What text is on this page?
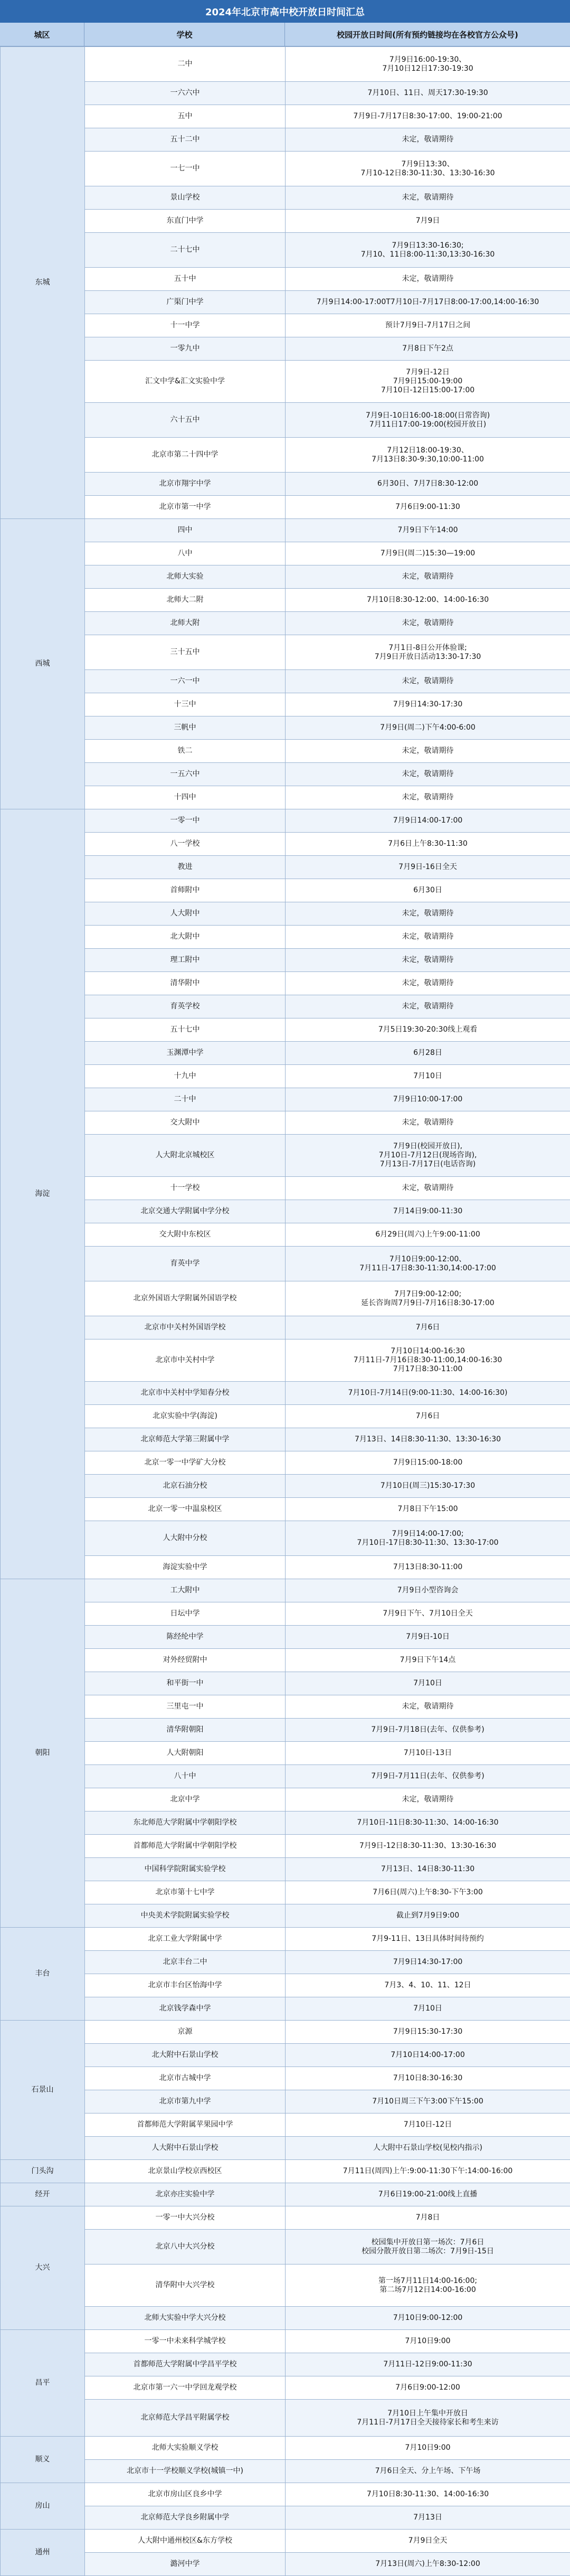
2024年北京市高中校开放日时间汇总
城区	学校	校园开放日时间(所有预约链接均在各校官方公众号)
东城	二中	7月9日16:00-19:30、
7月10日12日17:30-19:30
	一六六中	7月10日、11日、周天17:30-19:30
	五中	7月9日-7月17日8:30-17:00、19:00-21:00
	五十二中	未定，敬请期待
	一七一中	7月9日13:30、
7月10-12日8:30-11:30、13:30-16:30
	景山学校	未定，敬请期待
	东直门中学	7月9日
	二十七中	7月9日13:30-16:30;
7月10、11日8:00-11:30,13:30-16:30
	五十中	未定，敬请期待
	广渠门中学	7月9日14:00-17:00T7月10日-7月17日8:00-17:00,14:00-16:30
	十一中学	预计7月9日-7月17日之间
	一零九中	7月8日下午2点
	汇文中学&汇文实验中学	7月9日-12日
7月9日15:00-19:00
7月10日-12日15:00-17:00
	六十五中	7月9日-10日16:00-18:00(日常咨询)
7月11日17:00-19:00(校园开放日)
	北京市第二十四中学	7月12日18:00-19:30、
7月13日8:30-9:30,10:00-11:00
	北京市翔宇中学	6月30日、7月7日8:30-12:00
	北京市第一中学	7月6日9:00-11:30
西城	四中	7月9日下午14:00
	八中	7月9日(周二)15:30—19:00
	北师大实验	未定，敬请期待
	北师大二附	7月10日8:30-12:00、14:00-16:30
	北师大附	未定，敬请期待
	三十五中	7月1日-8日公开体验课;
7月9日开放日活动13:30-17:30
	一六一中	未定，敬请期待
	十三中	7月9日14:30-17:30
	三帆中	7月9日(周二)下午4:00-6:00
	铁二	未定，敬请期待
	一五六中	未定，敬请期待
	十四中	未定，敬请期待
海淀	一零一中	7月9日14:00-17:00
	八一学校	7月6日上午8:30-11:30
	教进	7月9日-16日全天
	首师附中	6月30日
	人大附中	未定，敬请期待
	北大附中	未定，敬请期待
	理工附中	未定，敬请期待
	清华附中	未定，敬请期待
	育英学校	未定，敬请期待
	五十七中	7月5日19:30-20:30线上观看
	玉渊潭中学	6月28日
	十九中	7月10日
	二十中	7月9日10:00-17:00
	交大附中	未定，敬请期待
	人大附北京城校区	7月9日(校园开放日),
7月10日-7月12日(现场咨询),
7月13日-7月17日(电话咨询)
	十一学校	未定，敬请期待
	北京交通大学附属中学分校	7月14日9:00-11:30
	交大附中东校区	6月29日(周六)上午9:00-11:00
	育英中学	7月10日9:00-12:00、
7月11日-17日8:30-11:30,14:00-17:00
	北京外国语大学附属外国语学校	7月7日9:00-12:00;
延长咨询周7月9日-7月16日8:30-17:00
	北京市中关村外国语学校	7月6日
	北京市中关村中学	7月10日14:00-16:30
7月11日-7月16日8:30-11:00,14:00-16:30
7月17日8:30-11:00
	北京市中关村中学知春分校	7月10日-7月14日(9:00-11:30、14:00-16:30)
	北京实验中学(海淀)	7月6日
	北京师范大学第三附属中学	7月13日、14日8:30-11:30、13:30-16:30
	北京一零一中学矿大分校	7月9日15:00-18:00
	北京石油分校	7月10日(周三)15:30-17:30
	北京一零一中温泉校区	7月8日下午15:00
	人大附中分校	7月9日14:00-17:00;
7月10日-17日8:30-11:30、13:30-17:00
	海淀实验中学	7月13日8:30-11:00
朝阳	工大附中	7月9日小型咨询会
	日坛中学	7月9日下午、7月10日全天
	陈经纶中学	7月9日-10日
	对外经贸附中	7月9日下午14点
	和平街一中	7月10日
	三里屯一中	未定，敬请期待
	清华附朝阳	7月9日-7月18日(去年、仅供参考)
	人大附朝阳	7月10日-13日
	八十中	7月9日-7月11日(去年、仅供参考)
	北京中学	未定，敬请期待
	东北师范大学附属中学朝阳学校	7月10日-11日8:30-11:30、14:00-16:30
	首都师范大学附属中学朝阳学校	7月9日-12日8:30-11:30、13:30-16:30
	中国科学院附属实验学校	7月13日、14日8:30-11:30
	北京市第十七中学	7月6日(周六)上午8:30-下午3:00
	中央美术学院附属实验学校	截止到7月9日9:00
丰台	北京工业大学附属中学	7月9-11日、13日具体时间待预约
	北京丰台二中	7月9日14:30-17:00
	北京市丰台区怡海中学	7月3、4、10、11、12日
	北京钱学森中学	7月10日
石景山	京源	7月9日15:30-17:30
	北大附中石景山学校	7月10日14:00-17:00
	北京市古城中学	7月10日8:30-16:30
	北京市第九中学	7月10日周三下午3:00下午15:00
	首都师范大学附属苹果园中学	7月10日-12日
	人大附中石景山学校	人大附中石景山学校(见校内指示)
门头沟	北京景山学校京西校区	7月11日(周四)上午:9:00-11:30下午:14:00-16:00
经开	北京亦庄实验中学	7月6日19:00-21:00线上直播
大兴	一零一中大兴分校	7月8日
	北京八中大兴分校	校园集中开放日第一场次：7月6日
校园分散开放日第二场次：7月9日-15日
	清华附中大兴学校	第一场7月11日14:00-16:00;
第二场7月12日14:00-16:00
	北师大实验中学大兴分校	7月10日9:00-12:00
昌平	一零一中未来科学城学校	7月10日9:00
	首都师范大学附属中学昌平学校	7月11日-12日9:00-11:30
	北京市第一六一中学回龙观学校	7月6日9:00-12:00
	北京师范大学昌平附属学校	7月10日上午集中开放日
7月11日-7月17日全天接待家长和考生来访
顺义	北师大实验顺义学校	7月10日9:00
	北京市十一学校顺义学校(城镇一中)	7月6日全天、分上午场、下午场
房山	北京市房山区良乡中学	7月10日8:30-11:30、14:00-16:30
	北京师范大学良乡附属中学	7月13日
通州	人大附中通州校区&东方学校	7月9日全天
	潞河中学	7月13日(周六)上午8:30-12:00
